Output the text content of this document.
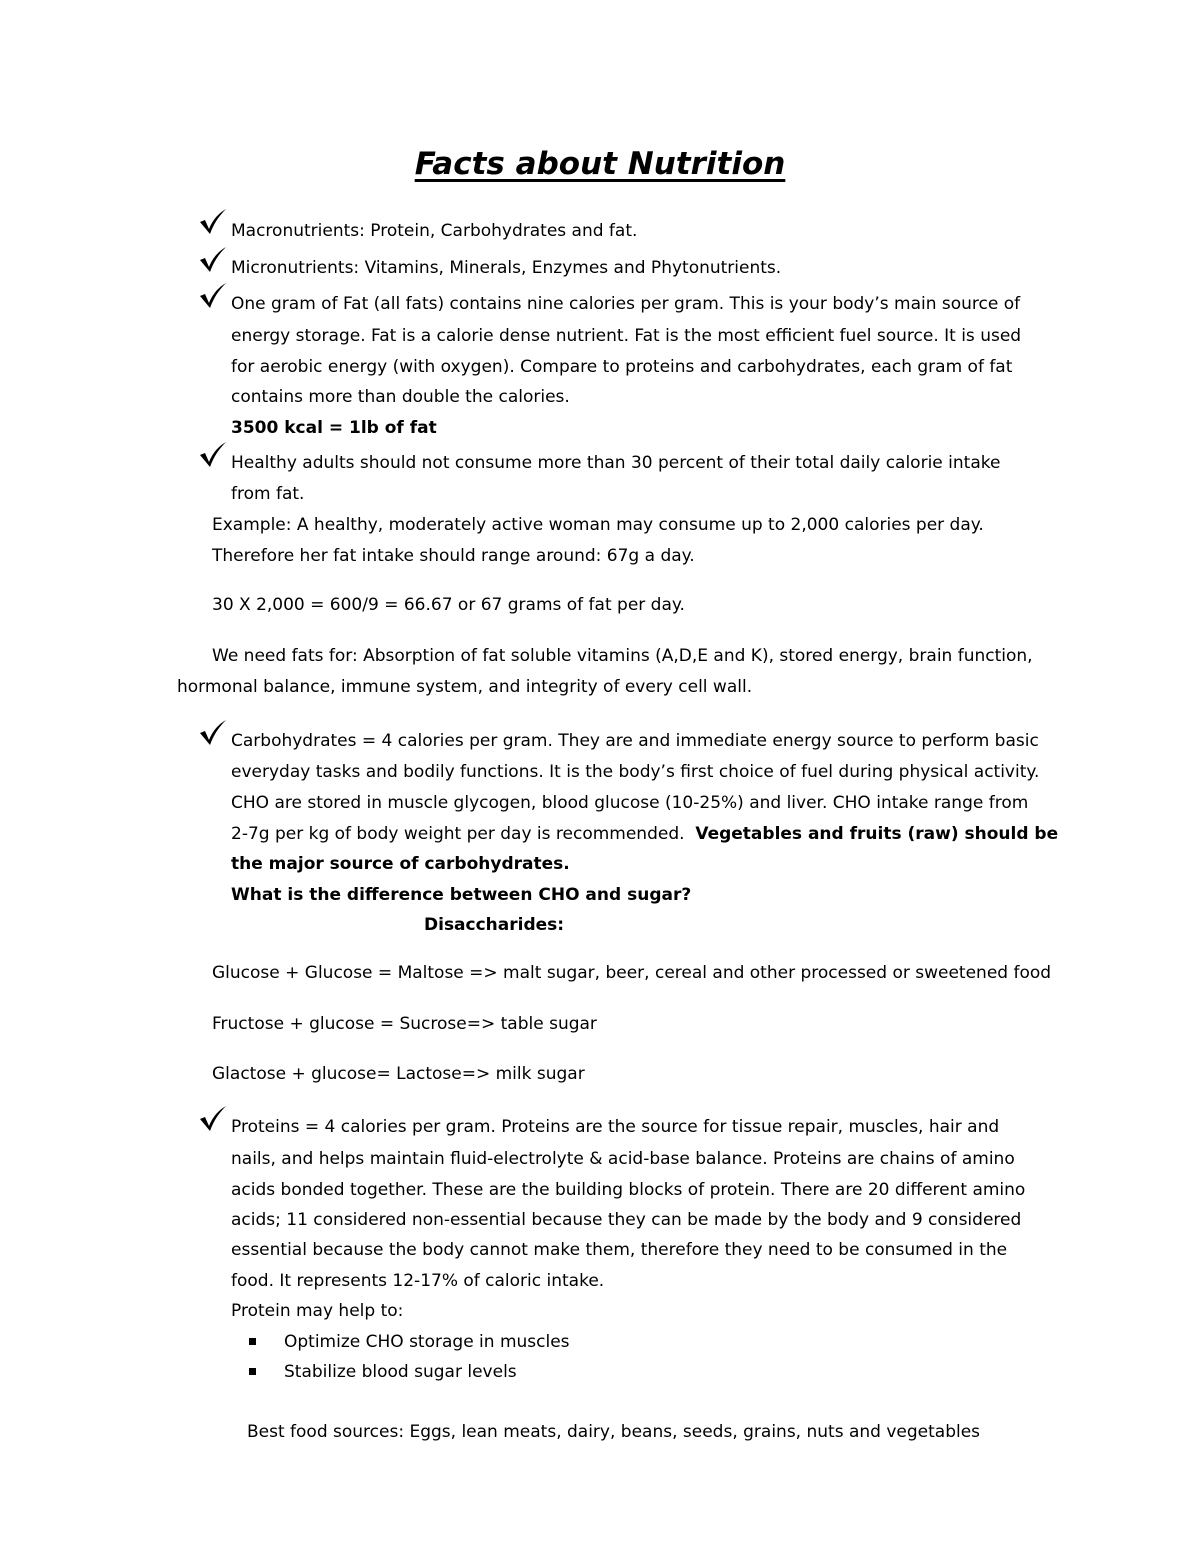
Facts about Nutrition

Macronutrients: Protein, Carbohydrates and fat.

Micronutrients: Vitamins, Minerals, Enzymes and Phytonutrients.

One gram of Fat (all fats) contains nine calories per gram. This is your body’s main source of

energy storage. Fat is a calorie dense nutrient. Fat is the most efficient fuel source. It is used

for aerobic energy (with oxygen). Compare to proteins and carbohydrates, each gram of fat

contains more than double the calories.

3500 kcal = 1lb of fat

Healthy adults should not consume more than 30 percent of their total daily calorie intake

from fat.

Example: A healthy, moderately active woman may consume up to 2,000 calories per day.

Therefore her fat intake should range around: 67g a day.

30 X 2,000 = 600/9 = 66.67 or 67 grams of fat per day.

We need fats for: Absorption of fat soluble vitamins (A,D,E and K), stored energy, brain function,

hormonal balance, immune system, and integrity of every cell wall.

Carbohydrates = 4 calories per gram. They are and immediate energy source to perform basic

everyday tasks and bodily functions. It is the body’s first choice of fuel during physical activity.

CHO are stored in muscle glycogen, blood glucose (10-25%) and liver. CHO intake range from

2-7g per kg of body weight per day is recommended.  Vegetables and fruits (raw) should be

the major source of carbohydrates.

What is the difference between CHO and sugar?

Disaccharides:

Glucose + Glucose = Maltose => malt sugar, beer, cereal and other processed or sweetened food

Fructose + glucose = Sucrose=> table sugar

Glactose + glucose= Lactose=> milk sugar

Proteins = 4 calories per gram. Proteins are the source for tissue repair, muscles, hair and

nails, and helps maintain fluid-electrolyte & acid-base balance. Proteins are chains of amino

acids bonded together. These are the building blocks of protein. There are 20 different amino

acids; 11 considered non-essential because they can be made by the body and 9 considered

essential because the body cannot make them, therefore they need to be consumed in the

food. It represents 12-17% of caloric intake.

Protein may help to:

Optimize CHO storage in muscles

Stabilize blood sugar levels

Best food sources: Eggs, lean meats, dairy, beans, seeds, grains, nuts and vegetables
